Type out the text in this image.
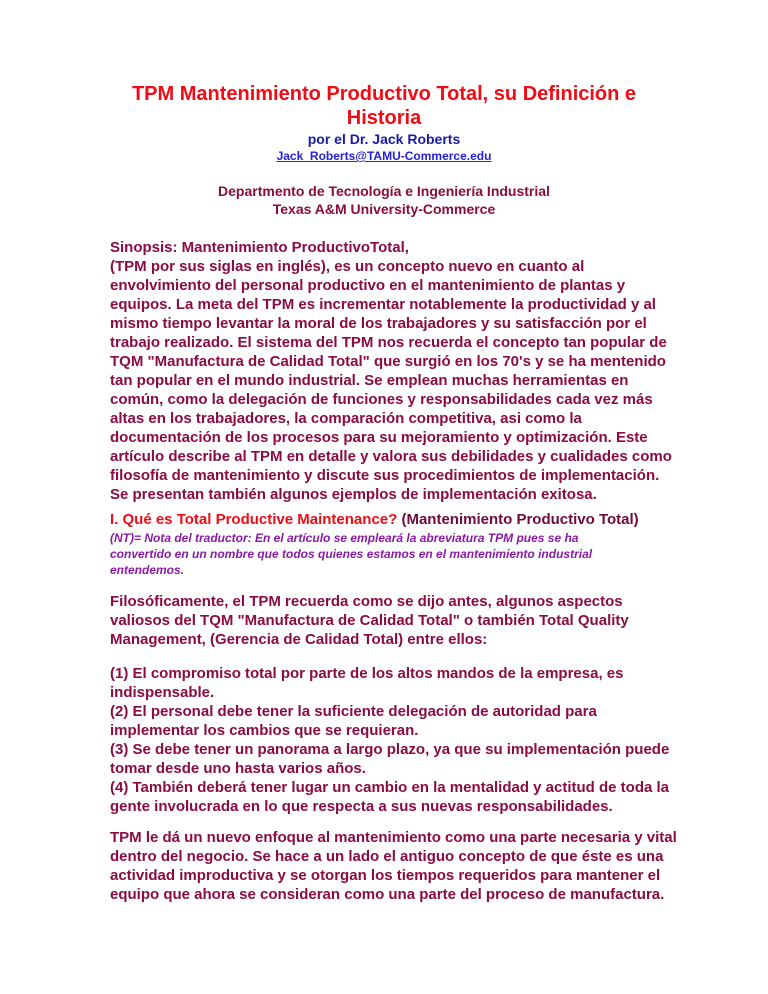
TPM Mantenimiento Productivo Total, su Definición e
Historia
por el Dr. Jack Roberts
Jack_Roberts@TAMU-Commerce.edu
Departmento de Tecnología e Ingeniería Industrial
Texas A&M University-Commerce
Sinopsis: Mantenimiento ProductivoTotal,
(TPM por sus siglas en inglés), es un concepto nuevo en cuanto al
envolvimiento del personal productivo en el mantenimiento de plantas y
equipos. La meta del TPM es incrementar notablemente la productividad y al
mismo tiempo levantar la moral de los trabajadores y su satisfacción por el
trabajo realizado. El sistema del TPM nos recuerda el concepto tan popular de
TQM "Manufactura de Calidad Total" que surgió en los 70's y se ha mentenido
tan popular en el mundo industrial. Se emplean muchas herramientas en
común, como la delegación de funciones y responsabilidades cada vez más
altas en los trabajadores, la comparación competitiva, asi como la
documentación de los procesos para su mejoramiento y optimización. Este
artículo describe al TPM en detalle y valora sus debilidades y cualidades como
filosofía de mantenimiento y discute sus procedimientos de implementación.
Se presentan también algunos ejemplos de implementación exitosa.
I. Qué es Total Productive Maintenance? (Mantenimiento Productivo Total)
(NT)= Nota del traductor: En el artículo se empleará la abreviatura TPM pues se ha
convertido en un nombre que todos quienes estamos en el mantenimiento industrial
entendemos.
Filosóficamente, el TPM recuerda como se dijo antes, algunos aspectos
valiosos del TQM "Manufactura de Calidad Total" o también Total Quality
Management, (Gerencia de Calidad Total) entre ellos:
(1) El compromiso total por parte de los altos mandos de la empresa, es
indispensable.
(2) El personal debe tener la suficiente delegación de autoridad para
implementar los cambios que se requieran.
(3) Se debe tener un panorama a largo plazo, ya que su implementación puede
tomar desde uno hasta varios años.
(4) También deberá tener lugar un cambio en la mentalidad y actitud de toda la
gente involucrada en lo que respecta a sus nuevas responsabilidades.
TPM le dá un nuevo enfoque al mantenimiento como una parte necesaria y vital
dentro del negocio. Se hace a un lado el antiguo concepto de que éste es una
actividad improductiva y se otorgan los tiempos requeridos para mantener el
equipo que ahora se consideran como una parte del proceso de manufactura.
